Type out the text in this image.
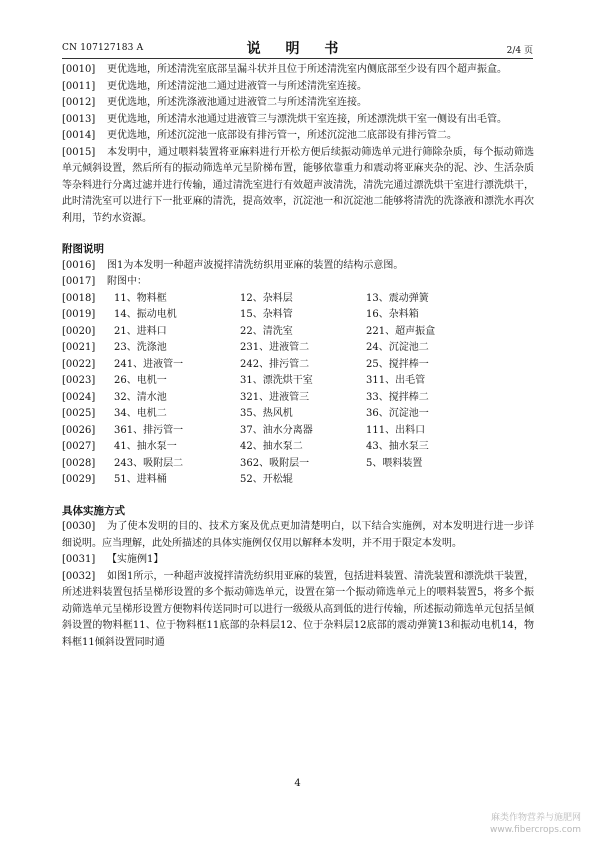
CN 107127183 A	说 明 书	2/4 页

[0010] 更优选地，所述清洗室底部呈漏斗状并且位于所述清洗室内侧底部至少设有四个超声振盒。

[0011] 更优选地，所述清淀池二通过进液管一与所述清洗室连接。

[0012] 更优选地，所述洗涤液池通过进液管二与所述清洗室连接。

[0013] 更优选地，所述清水池通过进液管三与漂洗烘干室连接，所述漂洗烘干室一侧设有出毛管。

[0014] 更优选地，所述沉淀池一底部设有排污管一，所述沉淀池二底部设有排污管二。

[0015] 本发明中，通过喂料装置将亚麻料进行开松方便后续振动筛选单元进行筛除杂质，每个振动筛选单元倾斜设置，然后所有的振动筛选单元呈阶梯布置，能够依靠重力和震动将亚麻夹杂的泥、沙、生活杂质等杂料进行分离过滤并进行传输，通过清洗室进行有效超声波清洗，清洗完通过漂洗烘干室进行漂洗烘干，此时清洗室可以进行下一批亚麻的清洗，提高效率，沉淀池一和沉淀池二能够将清洗的洗涤液和漂洗水再次利用，节约水资源。

附图说明

[0016] 图1为本发明一种超声波搅拌清洗纺织用亚麻的装置的结构示意图。

[0017] 附图中：

[0018]	11、物料框	12、杂料层	13、震动弹簧
[0019]	14、振动电机	15、杂料管	16、杂料箱
[0020]	21、进料口	22、清洗室	221、超声振盒
[0021]	23、洗涤池	231、进液管二	24、沉淀池二
[0022]	241、进液管一	242、排污管二	25、搅拌棒一
[0023]	26、电机一	31、漂洗烘干室	311、出毛管
[0024]	32、清水池	321、进液管三	33、搅拌棒二
[0025]	34、电机二	35、热风机	36、沉淀池一
[0026]	361、排污管一	37、油水分离器	111、出料口
[0027]	41、抽水泵一	42、抽水泵二	43、抽水泵三
[0028]	243、吸附层二	362、吸附层一	5、喂料装置
[0029]	51、进料桶	52、开松辊
具体实施方式

[0030] 为了使本发明的目的、技术方案及优点更加清楚明白，以下结合实施例，对本发明进行进一步详细说明。应当理解，此处所描述的具体实施例仅仅用以解释本发明，并不用于限定本发明。

[0031] 【实施例1】

[0032] 如图1所示，一种超声波搅拌清洗纺织用亚麻的装置，包括进料装置、清洗装置和漂洗烘干装置，所述进料装置包括呈梯形设置的多个振动筛选单元，设置在第一个振动筛选单元上的喂料装置5，将多个振动筛选单元呈梯形设置方便物料传送同时可以进行一级级从高到低的进行传输，所述振动筛选单元包括呈倾斜设置的物料框11、位于物料框11底部的杂料层12、位于杂料层12底部的震动弹簧13和振动电机14，物料框11倾斜设置同时通

4
麻类作物营养与施肥网
www.fibercrops.com
